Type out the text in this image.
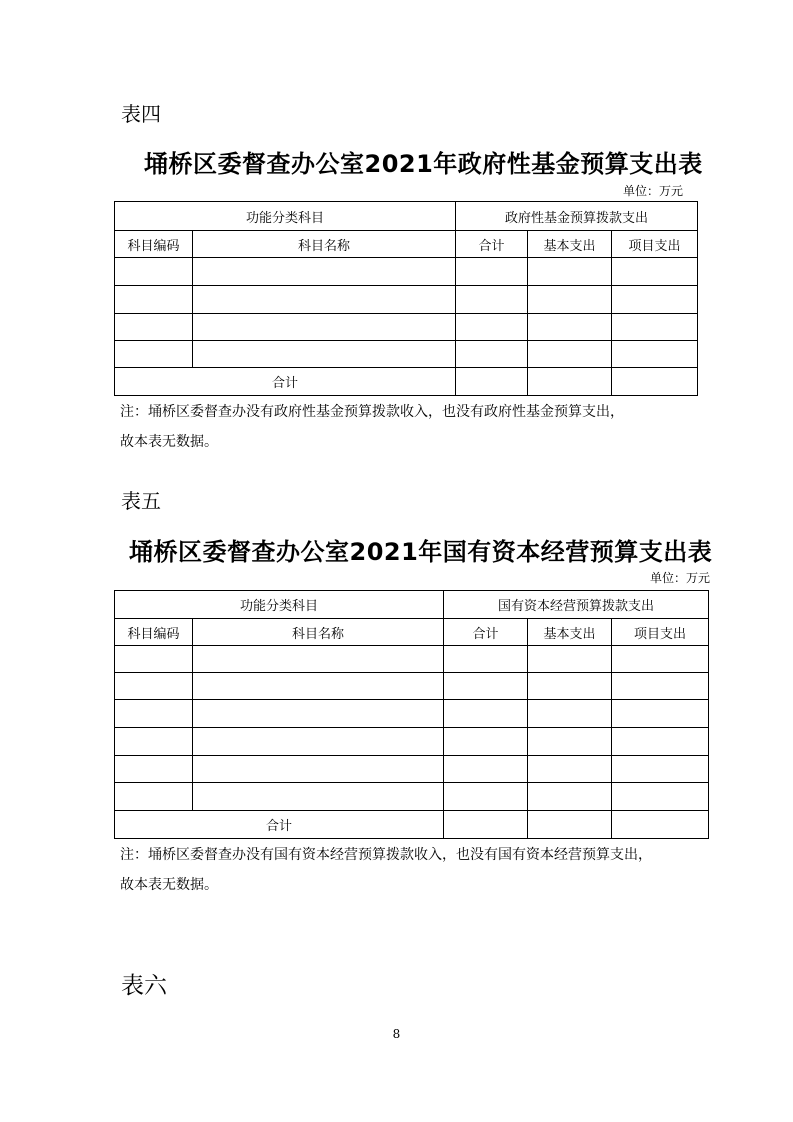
表四
埇桥区委督查办公室2021年政府性基金预算支出表
单位：万元
功能分类科目		政府性基金预算拨款支出		
科目编码	科目名称	合计	基本支出	项目支出

合计				
注：埇桥区委督查办没有政府性基金预算拨款收入，也没有政府性基金预算支出，
故本表无数据。
表五
埇桥区委督查办公室2021年国有资本经营预算支出表
单位：万元
功能分类科目		国有资本经营预算拨款支出		
科目编码	科目名称	合计	基本支出	项目支出

合计				
注：埇桥区委督查办没有国有资本经营预算拨款收入，也没有国有资本经营预算支出，
故本表无数据。
表六
8
